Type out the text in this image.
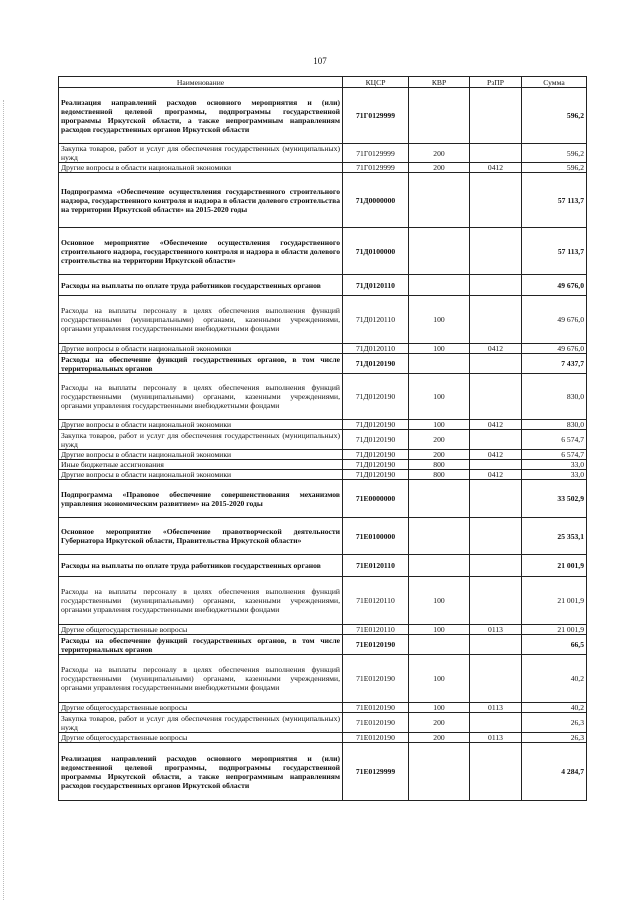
107
Наименование	КЦСР	КВР	РзПР	Сумма
Реализация направлений расходов основного мероприятия и (или) ведомственной целевой программы, подпрограммы государственной программы Иркутской области, а также непрограммным направлениям расходов государственных органов Иркутской области	71Г0129999			596,2
Закупка товаров, работ и услуг для обеспечения государственных (муниципальных) нужд	71Г0129999	200		596,2
Другие вопросы в области национальной экономики	71Г0129999	200	0412	596,2
Подпрограмма «Обеспечение осуществления государственного строительного надзора, государственного контроля и надзора в области долевого строительства на территории Иркутской области» на 2015-2020 годы	71Д0000000			57 113,7
Основное мероприятие «Обеспечение осуществления государственного строительного надзора, государственного контроля и надзора в области долевого строительства на территории Иркутской области»	71Д0100000			57 113,7
Расходы на выплаты по оплате труда работников государственных органов	71Д0120110			49 676,0
Расходы на выплаты персоналу в целях обеспечения выполнения функций государственными (муниципальными) органами, казенными учреждениями, органами управления государственными внебюджетными фондами	71Д0120110	100		49 676,0
Другие вопросы в области национальной экономики	71Д0120110	100	0412	49 676,0
Расходы на обеспечение функций государственных органов, в том числе территориальных органов	71Д0120190			7 437,7
Расходы на выплаты персоналу в целях обеспечения выполнения функций государственными (муниципальными) органами, казенными учреждениями, органами управления государственными внебюджетными фондами	71Д0120190	100		830,0
Другие вопросы в области национальной экономики	71Д0120190	100	0412	830,0
Закупка товаров, работ и услуг для обеспечения государственных (муниципальных) нужд	71Д0120190	200		6 574,7
Другие вопросы в области национальной экономики	71Д0120190	200	0412	6 574,7
Иные бюджетные ассигнования	71Д0120190	800		33,0
Другие вопросы в области национальной экономики	71Д0120190	800	0412	33,0
Подпрограмма «Правовое обеспечение совершенствования механизмов управления экономическим развитием» на 2015-2020 годы	71Е0000000			33 502,9
Основное мероприятие «Обеспечение правотворческой деятельности Губернатора Иркутской области, Правительства Иркутской области»	71Е0100000			25 353,1
Расходы на выплаты по оплате труда работников государственных органов	71Е0120110			21 001,9
Расходы на выплаты персоналу в целях обеспечения выполнения функций государственными (муниципальными) органами, казенными учреждениями, органами управления государственными внебюджетными фондами	71Е0120110	100		21 001,9
Другие общегосударственные вопросы	71Е0120110	100	0113	21 001,9
Расходы на обеспечение функций государственных органов, в том числе территориальных органов	71Е0120190			66,5
Расходы на выплаты персоналу в целях обеспечения выполнения функций государственными (муниципальными) органами, казенными учреждениями, органами управления государственными внебюджетными фондами	71Е0120190	100		40,2
Другие общегосударственные вопросы	71Е0120190	100	0113	40,2
Закупка товаров, работ и услуг для обеспечения государственных (муниципальных) нужд	71Е0120190	200		26,3
Другие общегосударственные вопросы	71Е0120190	200	0113	26,3
Реализация направлений расходов основного мероприятия и (или) ведомственной целевой программы, подпрограммы государственной программы Иркутской области, а также непрограммным направлениям расходов государственных органов Иркутской области	71Е0129999			4 284,7
